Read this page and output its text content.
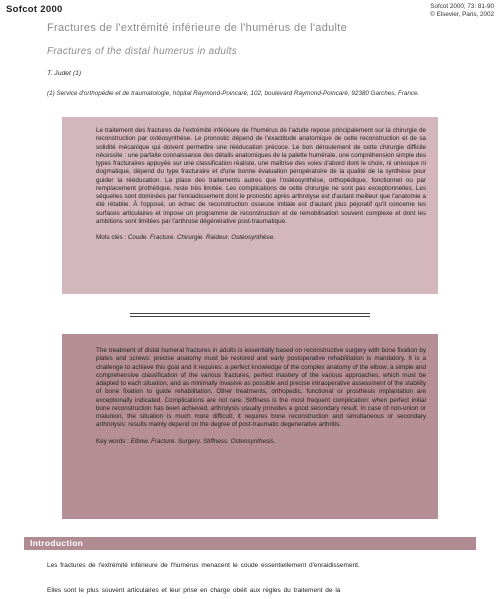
Sofcot 2000	Sofcot 2000; 73: 81-90
© Elsevier, Paris, 2002
Fractures de l'extrémité inférieure de l'humérus de l'adulte
Fractures of the distal humerus in adults
T. Judet (1)
(1) Service d'orthopédie et de traumatologie, hôpital Raymond-Poincaré, 102, boulevard Raymond-Poincaré, 92380 Garches, France.

Le traitement des fractures de l'extrémité inférieure de l'humérus de l'adulte repose principalement sur la chirurgie de reconstruction par ostéosynthèse. Le pronostic dépend de l'exactitude anatomique de cette reconstruction et de sa solidité mécanique qui doivent permettre une rééducation précoce. Le bon déroulement de cette chirurgie difficile nécessite : une parfaite connaissance des détails anatomiques de la palette humérale, une compréhension simple des types fracturaires appuyée sur une classification réaliste, une maîtrise des voies d'abord dont le choix, ni univoque ni dogmatique, dépend du type fracturaire et d'une bonne évaluation peropératoire de la qualité de la synthèse pour guider la rééducation. La place des traitements autres que l'ostéosynthèse, orthopédique, fonctionnel ou par remplacement prothétique, reste très limitée. Les complications de cette chirurgie ne sont pas exceptionnelles. Les séquelles sont dominées par l'enraidissement dont le pronostic après arthrolyse est d'autant meilleur que l'anatomie a été rétablie. À l'opposé, un échec de reconstruction osseuse initiale est d'autant plus péjoratif qu'il concerne les surfaces articulaires et impose un programme de reconstruction et de remobilisation souvent complexe et dont les ambitions sont limitées par l'arthrose dégénérative post-traumatique.

Mots clés : Coude. Fracture. Chirurgie. Raideur. Ostéosynthèse.

The treatment of distal humeral fractures in adults is essentially based on reconstructive surgery with bone fixation by plates and screws: precise anatomy must be restored and early postoperative rehabilitation is mandatory. It is a challenge to achieve this goal and it requires: a perfect knowledge of the complex anatomy of the elbow, a simple and comprehensive classification of the various fractures, perfect mastery of the various approaches, which must be adapted to each situation, and as minimally invasive as possible and precise intraoperative assessment of the stability of bone fixation to guide rehabilitation. Other treatments, orthopedic, functional or prosthesis implantation are exceptionally indicated. Complications are not rare. Stiffness is the most frequent complication: when perfect initial bone reconstruction has been achieved, arthrolysis usually provides a good secondary result. In case of non-union or malunion, the situation is much more difficult; it requires bone reconstruction and simultaneous or secondary arthrolysis: results mainly depend on the degree of post-traumatic degenerative arthritis.

Key words : Elbow. Fracture. Surgery. Stiffness. Osteosynthesis.

Introduction
Les fractures de l'extrémité inférieure de l'humérus menacent le coude essentiellement d'enraidissement.
Elles sont le plus souvent articulaires et leur prise en charge obéit aux règles du traitement de la
